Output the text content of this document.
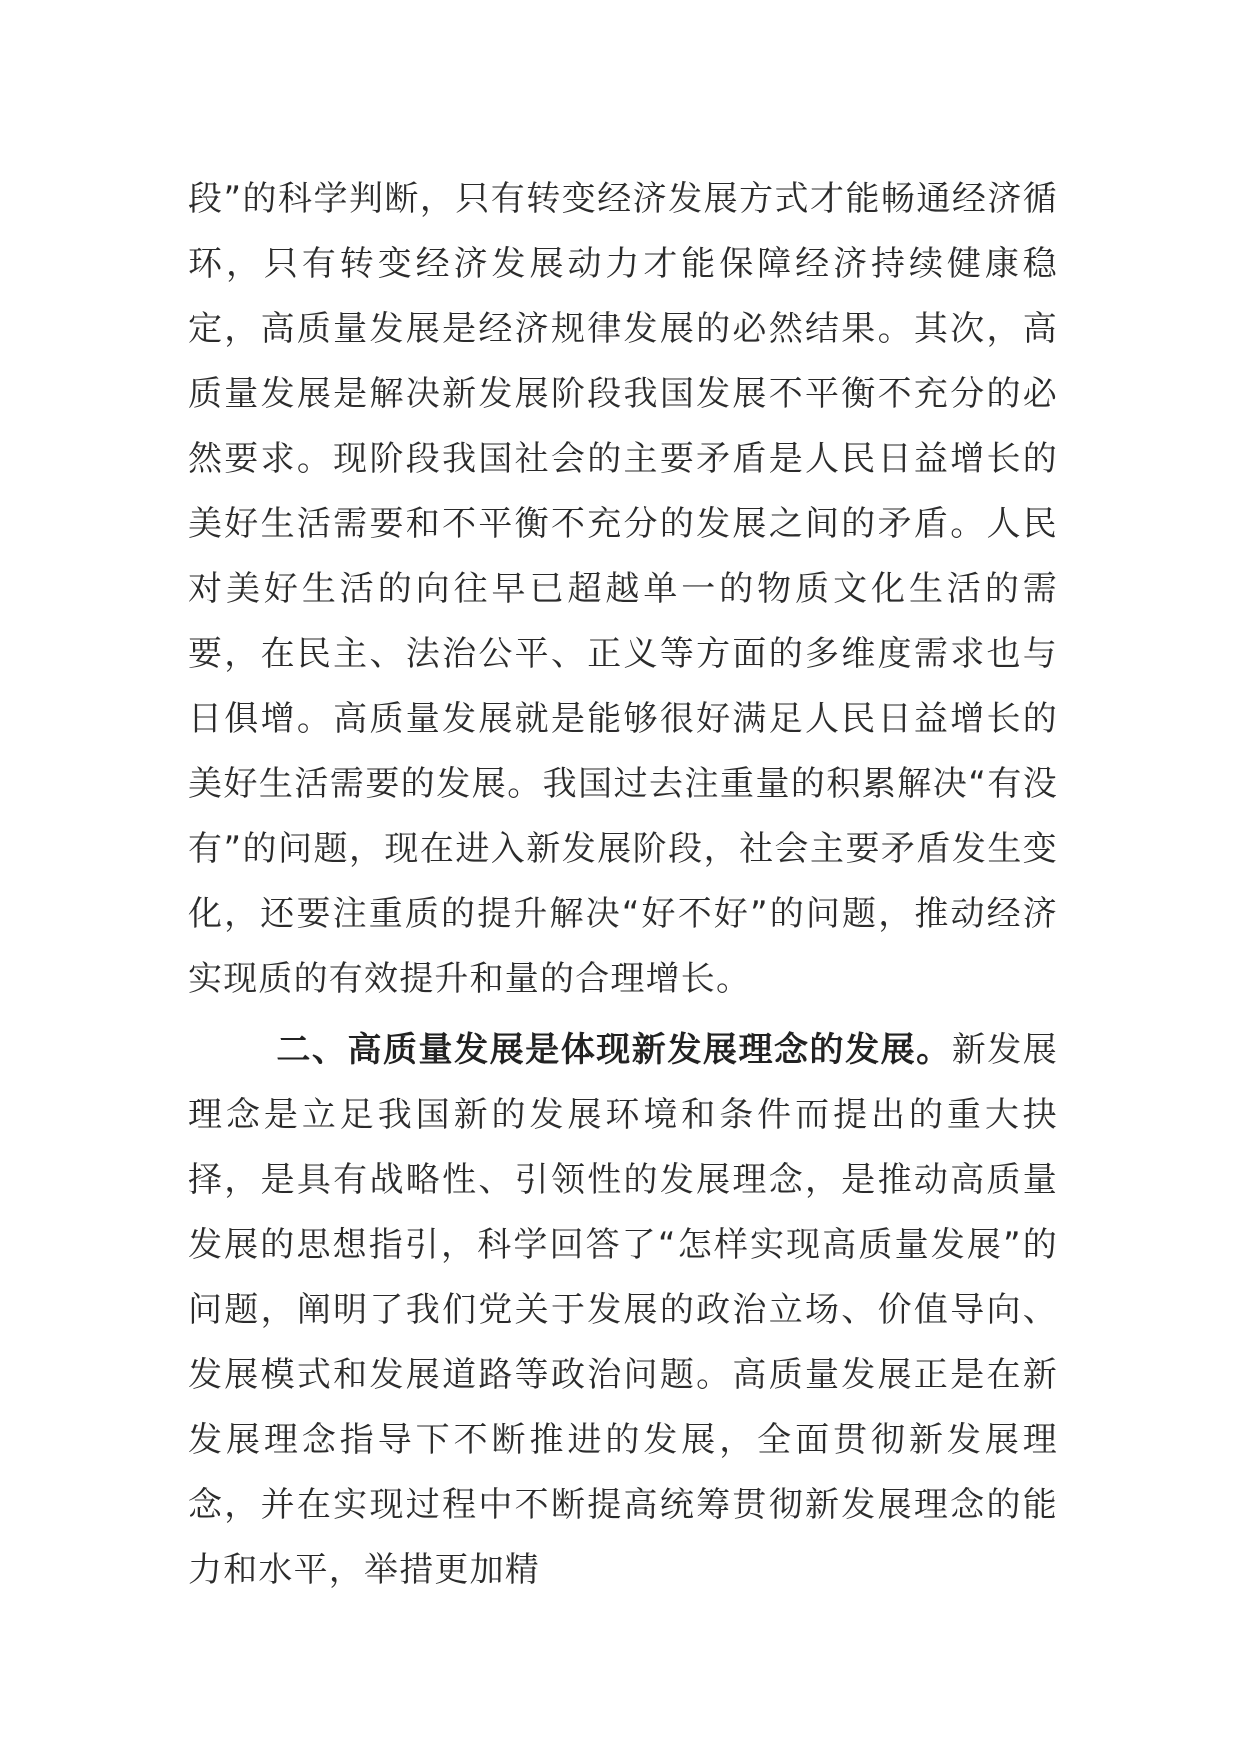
段”的科学判断，只有转变经济发展方式才能畅通经济循环，只有转变经济发展动力才能保障经济持续健康稳定，高质量发展是经济规律发展的必然结果。其次，高质量发展是解决新发展阶段我国发展不平衡不充分的必然要求。现阶段我国社会的主要矛盾是人民日益增长的美好生活需要和不平衡不充分的发展之间的矛盾。人民对美好生活的向往早已超越单一的物质文化生活的需要，在民主、法治公平、正义等方面的多维度需求也与日俱增。高质量发展就是能够很好满足人民日益增长的美好生活需要的发展。我国过去注重量的积累解决“有没有”的问题，现在进入新发展阶段，社会主要矛盾发生变化，还要注重质的提升解决“好不好”的问题，推动经济实现质的有效提升和量的合理增长。

二、高质量发展是体现新发展理念的发展。新发展理念是立足我国新的发展环境和条件而提出的重大抉择，是具有战略性、引领性的发展理念，是推动高质量发展的思想指引，科学回答了“怎样实现高质量发展”的问题，阐明了我们党关于发展的政治立场、价值导向、发展模式和发展道路等政治问题。高质量发展正是在新发展理念指导下不断推进的发展，全面贯彻新发展理念，并在实现过程中不断提高统筹贯彻新发展理念的能力和水平，举措更加精
